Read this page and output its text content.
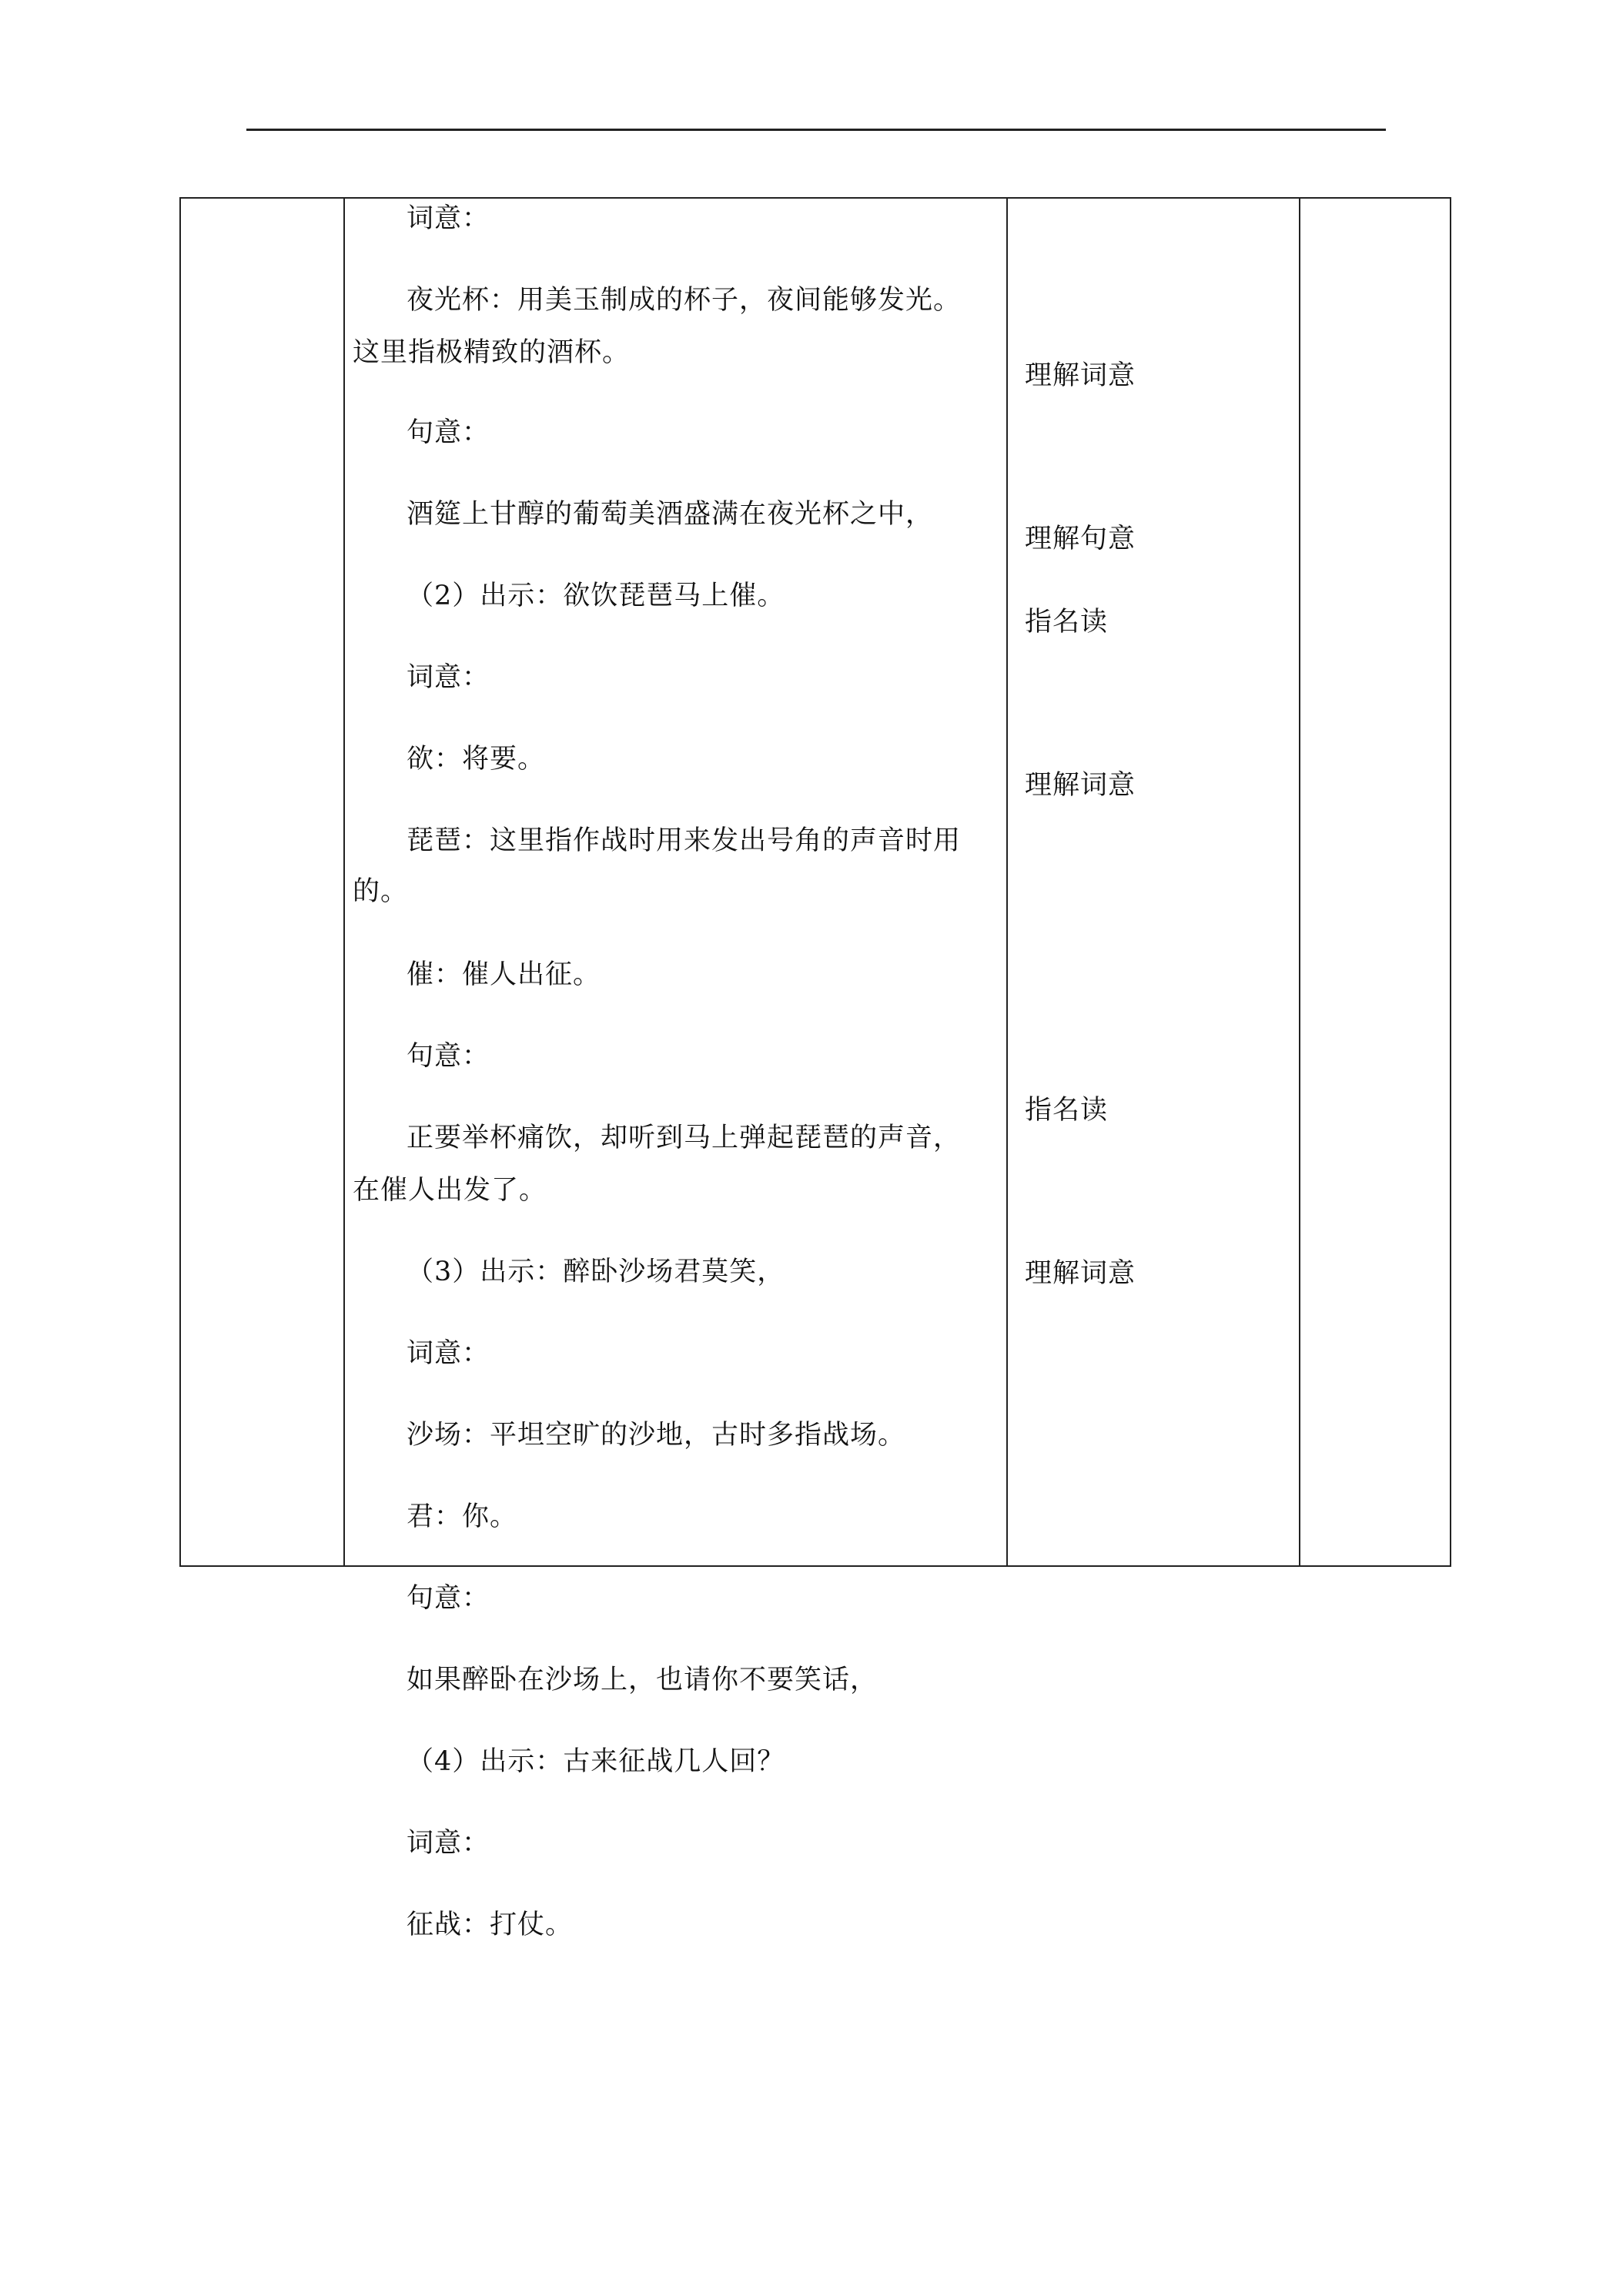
词意：
夜光杯：用美玉制成的杯子，夜间能够发光。
这里指极精致的酒杯。
句意：
酒筵上甘醇的葡萄美酒盛满在夜光杯之中，
（2）出示：欲饮琵琶马上催。
词意：
欲：将要。
琵琶：这里指作战时用来发出号角的声音时用
的。
催：催人出征。
句意：
正要举杯痛饮，却听到马上弹起琵琶的声音，
在催人出发了。
（3）出示：醉卧沙场君莫笑，
词意：
沙场：平坦空旷的沙地，古时多指战场。
君：你。
句意：
如果醉卧在沙场上，也请你不要笑话，
（4）出示：古来征战几人回？
词意：
征战：打仗。
理解词意
理解句意
指名读
理解词意
指名读
理解词意
